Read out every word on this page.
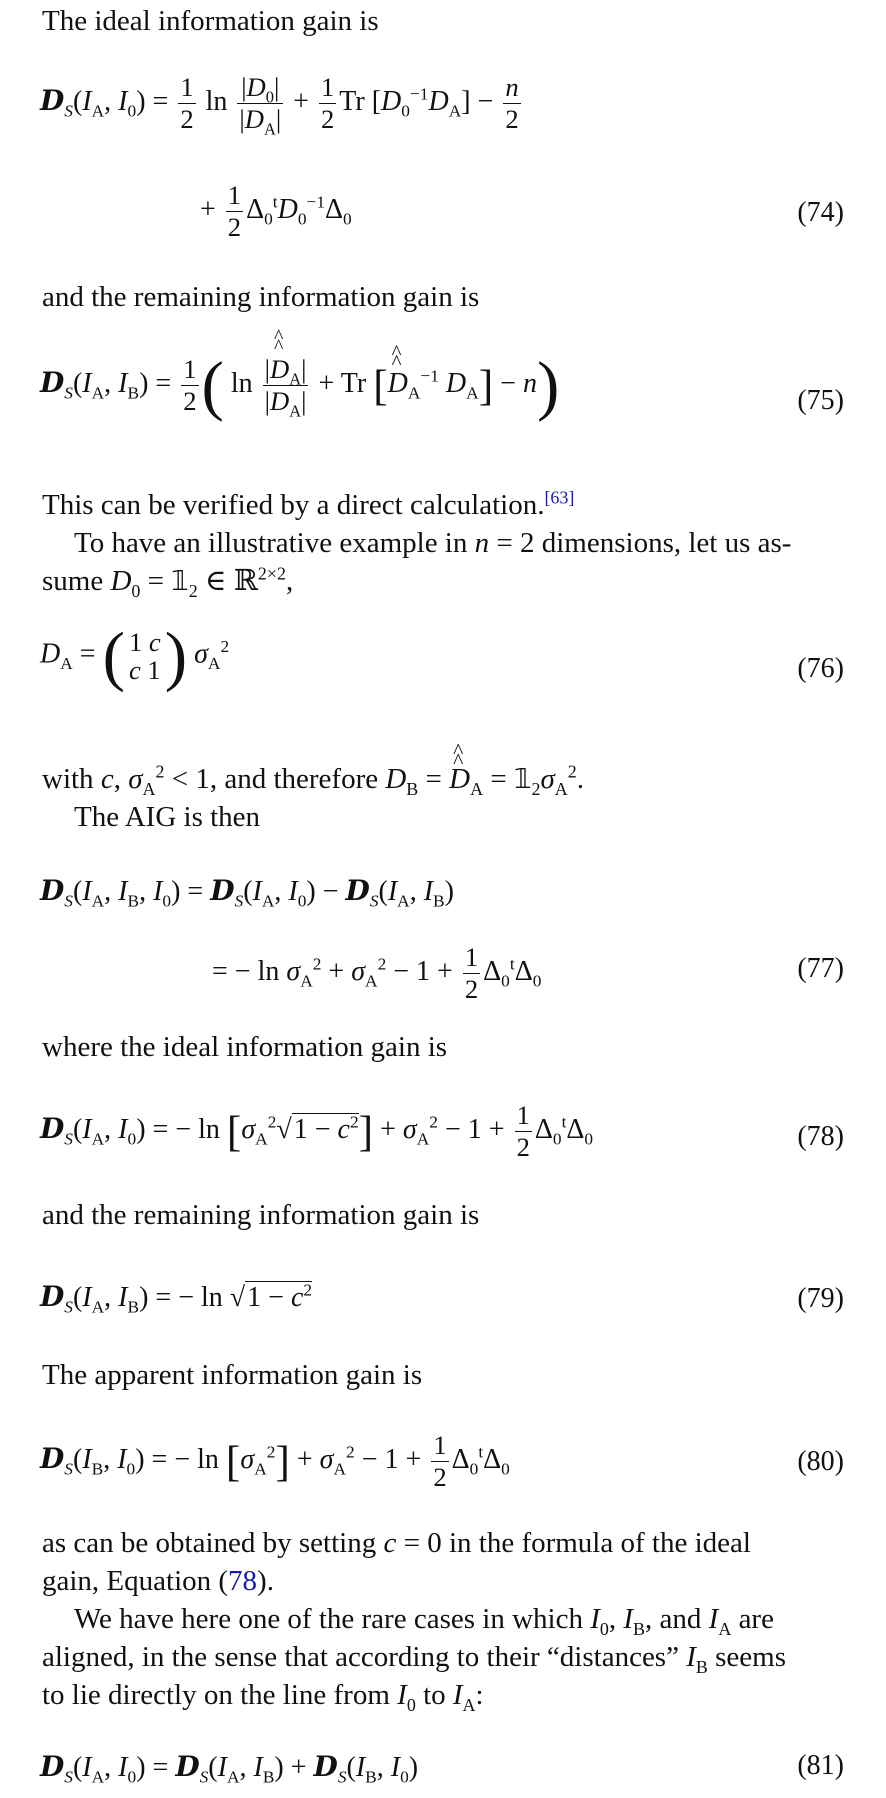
The ideal information gain is

$D_S(I_A$, $I_0) = \frac{1}{2}$ $\ln \frac{|D_0|}{|D_A|} + \frac{1}{2}$ Tr $[D_0^{-1}D_A] - \frac{n}{2}$
+ $\frac{1}{2} \Delta_0^tD_0^{-1}\Delta_0$	(74)

and the remaining information gain is

$D_S(I_A$, $I_B) = \frac{1}{2}$ ( $\ln \frac{|\^{} D \^{}_A|}{|D_A|} + Tr$ [^ D $\^{}_A^{-1}$ $D_A] - n$)	(75)

This can be verified by a direct calculation.[63]

To have an illustrative example in n = 2 dimensions, let us as-
sume $D_0$ = $𝟙_2$ ∈ ℝ$^{2\times 2}$,

$D_A$ = ( 1 c
c 1 ) $\sigma_A^2$
(76)

with c, $\sigma_A^2 < 1$, and therefore $D_B$ = ^ D $\^{}_A$ = $𝟙_2\sigma_A^2$.

The AIG is then

$D_S(I_A$, $I_B$, $I_0) = D_S(I_A$, $I_0) - D_S(I_A$, $I_B$)
= − $\ln \sigma_A^2 + \sigma_A^2 - 1 + \frac{1}{2} \Delta_0^t\Delta_0$	(77)

where the ideal information gain is

$D_S(I_A$, $I_0$) = − $\ln [\sigma_A^2√1 - c^2] + \sigma_A^2 - 1 + \frac{1}{2} \Delta_0^t\Delta_0$	(78)

and the remaining information gain is

$D_S(I_A$, $I_B$) = − $\ln √1 - c^2$	(79)

The apparent information gain is

$D_S(I_B$, $I_0$) = − $\ln [\sigma_A^2] + \sigma_A^2 - 1 + \frac{1}{2} \Delta_0^t\Delta_0$	(80)

as can be obtained by setting c = 0 in the formula of the ideal
gain, Equation (78).

We have here one of the rare cases in which $I_0$, $I_B$, and $I_A$ are
aligned, in the sense that according to their “distances” $I_B$ seems
to lie directly on the line from $I_0$ to $I_A$:

$D_S(I_A$, $I_0) = D_S(I_A$, $I_B) + D_S(I_B$, $I_0$)	(81)
